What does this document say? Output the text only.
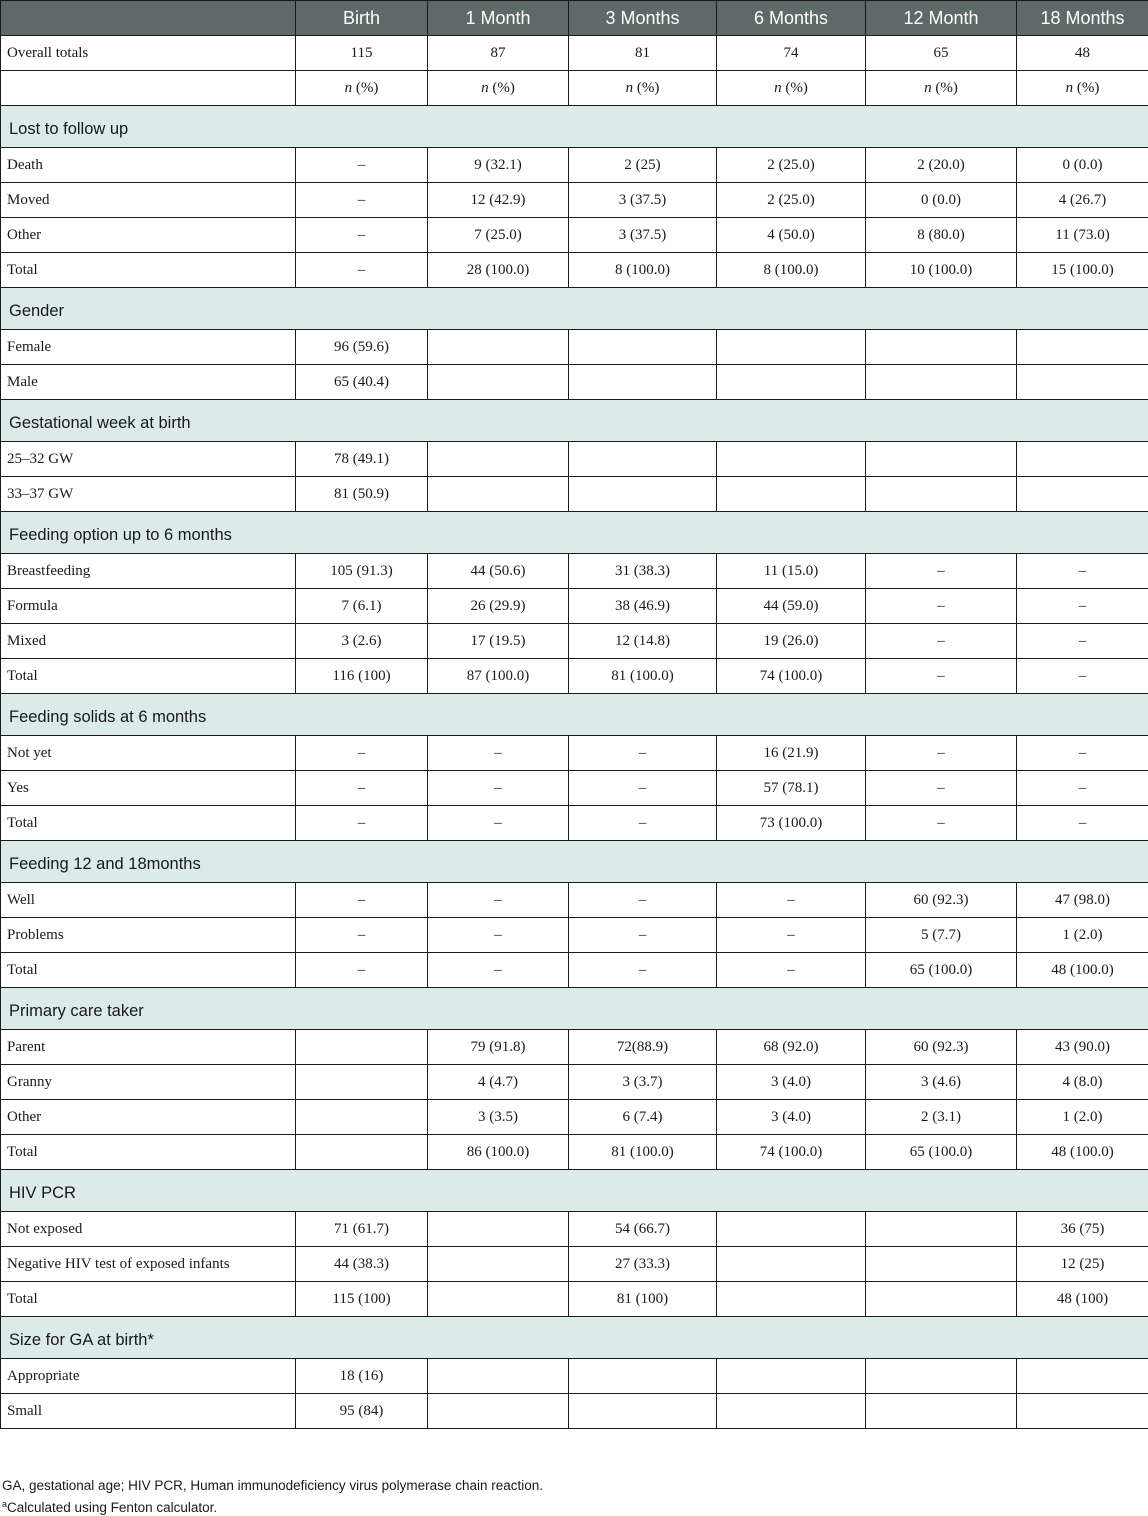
	Birth	1 Month	3 Months	6 Months	12 Month	18 Months
Overall totals	115	87	81	74	65	48
	n (%)	n (%)	n (%)	n (%)	n (%)	n (%)
Lost to follow up						
Death	–	9 (32.1)	2 (25)	2 (25.0)	2 (20.0)	0 (0.0)
Moved	–	12 (42.9)	3 (37.5)	2 (25.0)	0 (0.0)	4 (26.7)
Other	–	7 (25.0)	3 (37.5)	4 (50.0)	8 (80.0)	11 (73.0)
Total	–	28 (100.0)	8 (100.0)	8 (100.0)	10 (100.0)	15 (100.0)
Gender						
Female	96 (59.6)					
Male	65 (40.4)					
Gestational week at birth						
25–32 GW	78 (49.1)					
33–37 GW	81 (50.9)					
Feeding option up to 6 months						
Breastfeeding	105 (91.3)	44 (50.6)	31 (38.3)	11 (15.0)	–	–
Formula	7 (6.1)	26 (29.9)	38 (46.9)	44 (59.0)	–	–
Mixed	3 (2.6)	17 (19.5)	12 (14.8)	19 (26.0)	–	–
Total	116 (100)	87 (100.0)	81 (100.0)	74 (100.0)	–	–
Feeding solids at 6 months						
Not yet	–	–	–	16 (21.9)	–	–
Yes	–	–	–	57 (78.1)	–	–
Total	–	–	–	73 (100.0)	–	–
Feeding 12 and 18months						
Well	–	–	–	–	60 (92.3)	47 (98.0)
Problems	–	–	–	–	5 (7.7)	1 (2.0)
Total	–	–	–	–	65 (100.0)	48 (100.0)
Primary care taker						
Parent		79 (91.8)	72(88.9)	68 (92.0)	60 (92.3)	43 (90.0)
Granny		4 (4.7)	3 (3.7)	3 (4.0)	3 (4.6)	4 (8.0)
Other		3 (3.5)	6 (7.4)	3 (4.0)	2 (3.1)	1 (2.0)
Total		86 (100.0)	81 (100.0)	74 (100.0)	65 (100.0)	48 (100.0)
HIV PCR						
Not exposed	71 (61.7)		54 (66.7)			36 (75)
Negative HIV test of exposed infants	44 (38.3)		27 (33.3)			12 (25)
Total	115 (100)		81 (100)			48 (100)
Size for GA at birth*						
Appropriate	18 (16)					
Small	95 (84)					
GA, gestational age; HIV PCR, Human immunodeficiency virus polymerase chain reaction.
$^a$Calculated using Fenton calculator.
